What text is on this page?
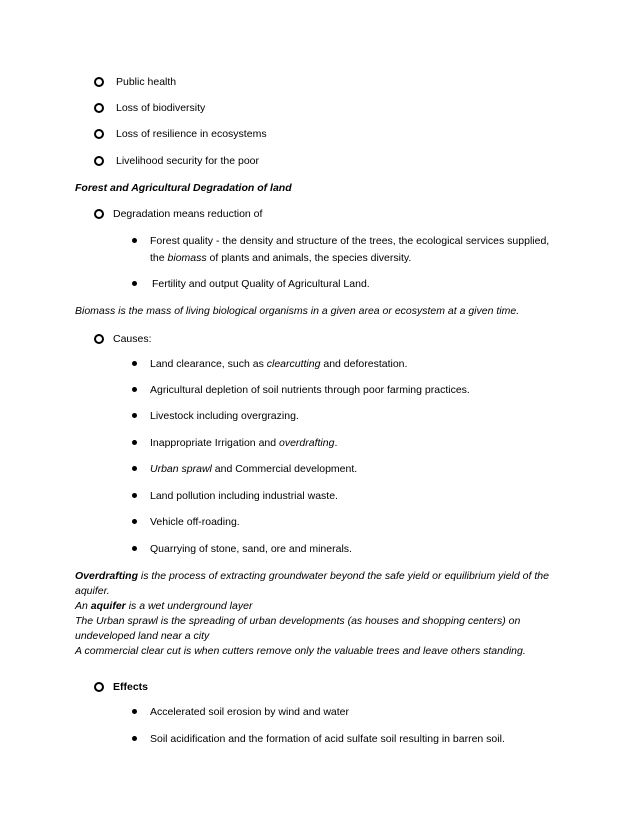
Public health
Loss of biodiversity
Loss of resilience in ecosystems
Livelihood security for the poor
Forest and Agricultural Degradation of land
Degradation means reduction of
Forest quality - the density and structure of the trees, the ecological services supplied,
the biomass of plants and animals, the species diversity.
Fertility and output Quality of Agricultural Land.
Biomass is the mass of living biological organisms in a given area or ecosystem at a given time.
Causes:
Land clearance, such as clearcutting and deforestation.
Agricultural depletion of soil nutrients through poor farming practices.
Livestock including overgrazing.
Inappropriate Irrigation and overdrafting.
Urban sprawl and Commercial development.
Land pollution including industrial waste.
Vehicle off-roading.
Quarrying of stone, sand, ore and minerals.
Overdrafting is the process of extracting groundwater beyond the safe yield or equilibrium yield of the
aquifer.
An aquifer is a wet underground layer
The Urban sprawl is the spreading of urban developments (as houses and shopping centers) on
undeveloped land near a city
A commercial clear cut is when cutters remove only the valuable trees and leave others standing.
Effects
Accelerated soil erosion by wind and water
Soil acidification and the formation of acid sulfate soil resulting in barren soil.
